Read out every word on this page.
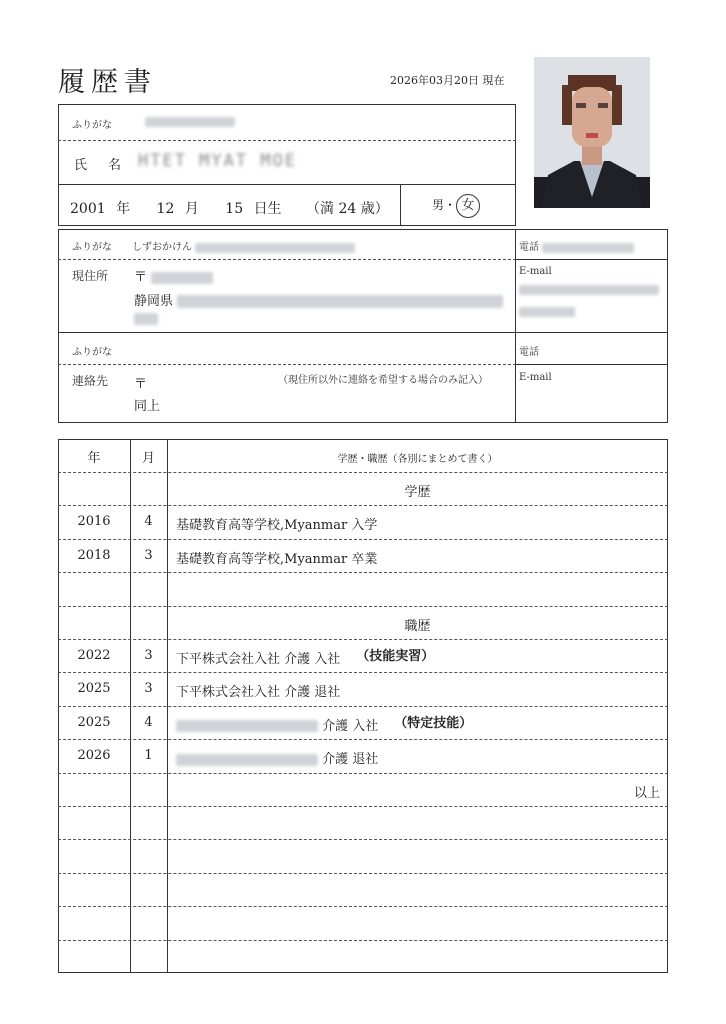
履歴書	2026年03月20日 現在
ふりがな
氏　名 HTET MYAT MOE
2001 年 12 月 15 日生 （満 24 歳）	男・ 女
ふりがな しずおかけん
現住所 〒
静岡県
電話
E-mail
ふりがな
連絡先 〒	（現住所以外に連絡を希望する場合のみ記入）
同上
電話
E-mail
年	月	学歴・職歴（各別にまとめて書く）
学歴
2016	4	基礎教育高等学校,Myanmar 入学
2018	3	基礎教育高等学校,Myanmar 卒業
職歴
2022	3	下平株式会社入社 介護 入社 （技能実習）
2025	3	下平株式会社入社 介護 退社
2025	4	介護 入社 （特定技能）
2026	1	介護 退社
以上
